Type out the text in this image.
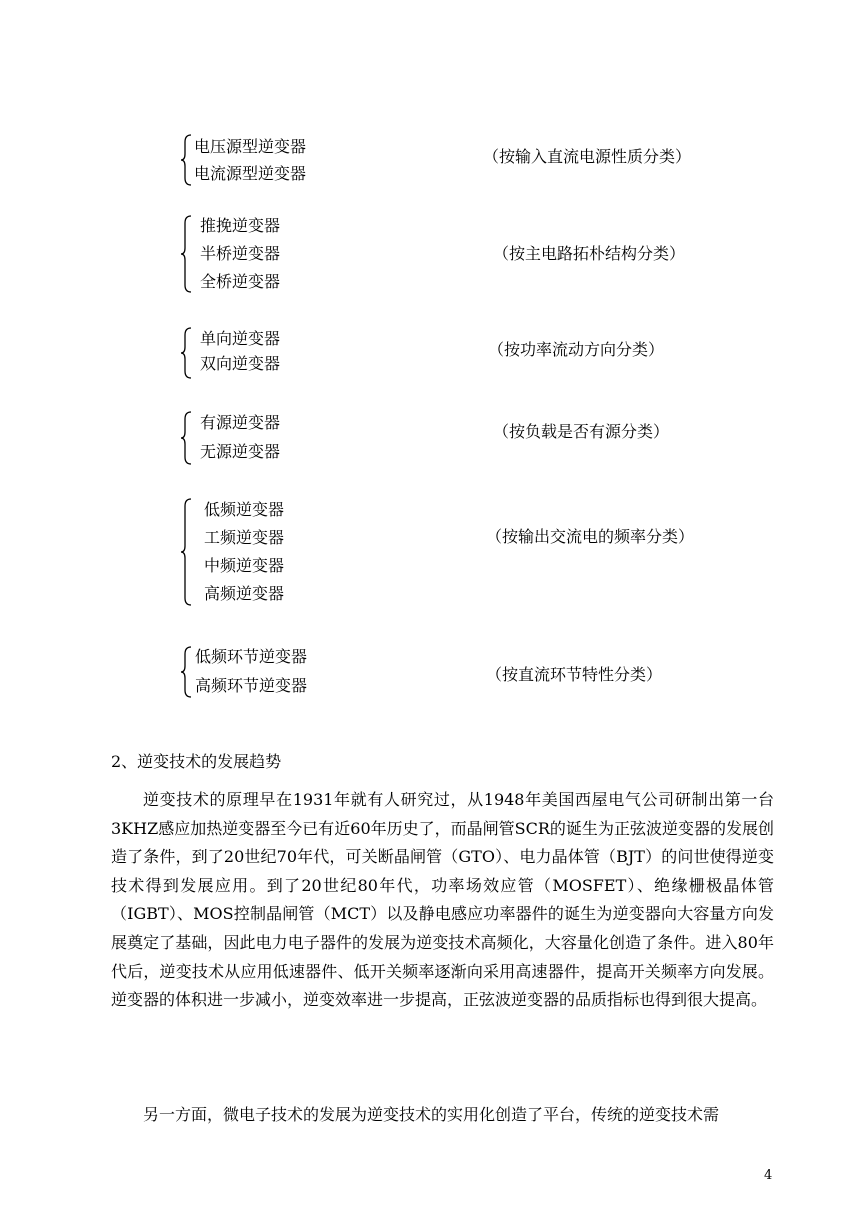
电压源型逆变器
电流源型逆变器
（按输入直流电源性质分类）
推挽逆变器
半桥逆变器
全桥逆变器
（按主电路拓朴结构分类）
单向逆变器
双向逆变器
（按功率流动方向分类）
有源逆变器
无源逆变器
（按负载是否有源分类）
低频逆变器
工频逆变器
中频逆变器
高频逆变器
（按输出交流电的频率分类）
低频环节逆变器
高频环节逆变器
（按直流环节特性分类）
2、逆变技术的发展趋势

逆变技术的原理早在1931年就有人研究过，从1948年美国西屋电气公司研制出第一台3KHZ感应加热逆变器至今已有近60年历史了，而晶闸管SCR的诞生为正弦波逆变器的发展创造了条件，到了20世纪70年代，可关断晶闸管（GTO）、电力晶体管（BJT）的问世使得逆变技术得到发展应用。到了20世纪80年代，功率场效应管（MOSFET）、绝缘栅极晶体管（IGBT）、MOS控制晶闸管（MCT）以及静电感应功率器件的诞生为逆变器向大容量方向发展奠定了基础，因此电力电子器件的发展为逆变技术高频化，大容量化创造了条件。进入80年代后，逆变技术从应用低速器件、低开关频率逐渐向采用高速器件，提高开关频率方向发展。逆变器的体积进一步减小，逆变效率进一步提高，正弦波逆变器的品质指标也得到很大提高。

另一方面，微电子技术的发展为逆变技术的实用化创造了平台，传统的逆变技术需

4
